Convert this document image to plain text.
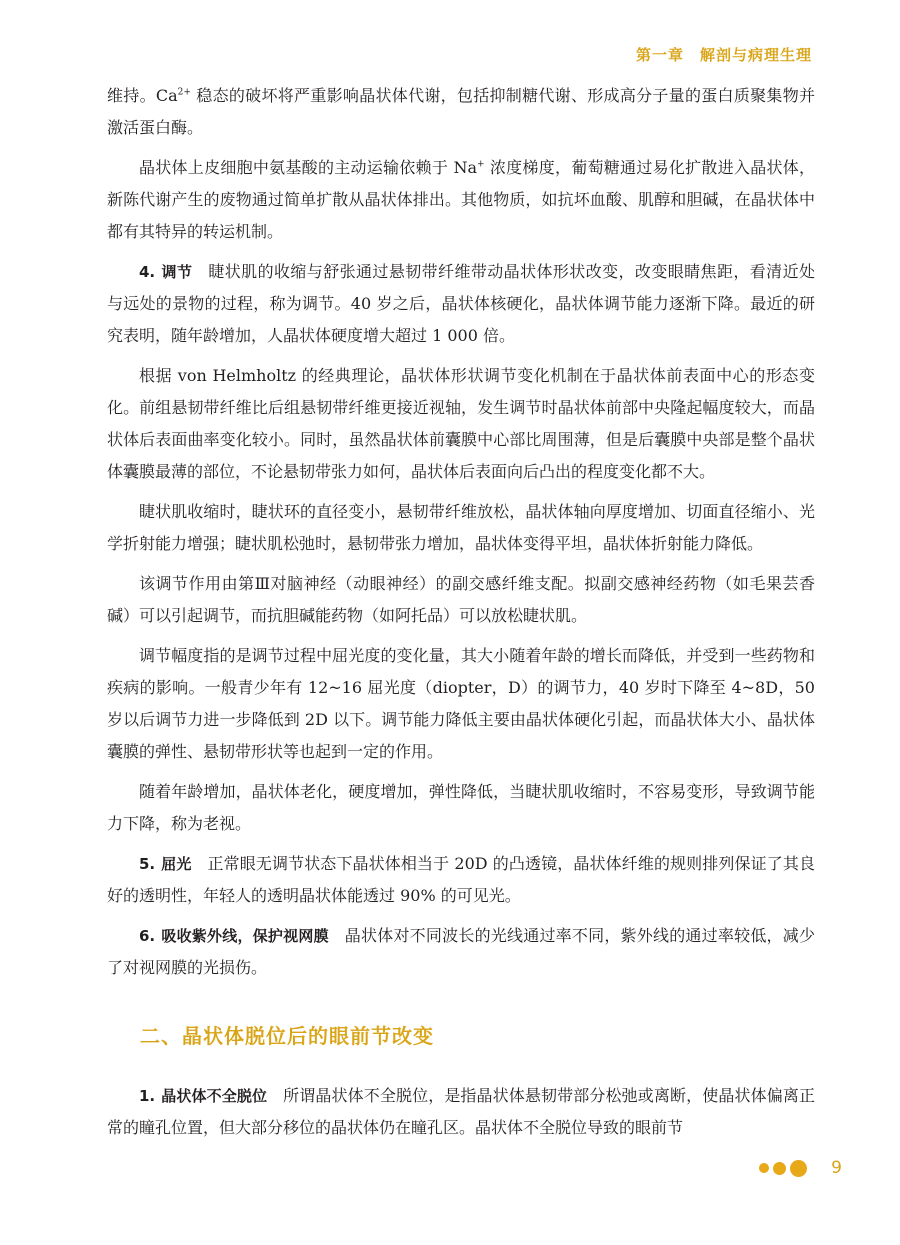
第一章　解剖与病理生理

维持。$Ca^{2+}$ 稳态的破坏将严重影响晶状体代谢，包括抑制糖代谢、形成高分子量的蛋白质聚集物并激活蛋白酶。

晶状体上皮细胞中氨基酸的主动运输依赖于 Na+ 浓度梯度，葡萄糖通过易化扩散进入晶状体，新陈代谢产生的废物通过简单扩散从晶状体排出。其他物质，如抗坏血酸、肌醇和胆碱，在晶状体中都有其特异的转运机制。

4. 调节 睫状肌的收缩与舒张通过悬韧带纤维带动晶状体形状改变，改变眼睛焦距，看清近处与远处的景物的过程，称为调节。40 岁之后，晶状体核硬化，晶状体调节能力逐渐下降。最近的研究表明，随年龄增加，人晶状体硬度增大超过 1 000 倍。

根据 von Helmholtz 的经典理论，晶状体形状调节变化机制在于晶状体前表面中心的形态变化。前组悬韧带纤维比后组悬韧带纤维更接近视轴，发生调节时晶状体前部中央隆起幅度较大，而晶状体后表面曲率变化较小。同时，虽然晶状体前囊膜中心部比周围薄，但是后囊膜中央部是整个晶状体囊膜最薄的部位，不论悬韧带张力如何，晶状体后表面向后凸出的程度变化都不大。

睫状肌收缩时，睫状环的直径变小，悬韧带纤维放松，晶状体轴向厚度增加、切面直径缩小、光学折射能力增强；睫状肌松弛时，悬韧带张力增加，晶状体变得平坦，晶状体折射能力降低。

该调节作用由第Ⅲ对脑神经（动眼神经）的副交感纤维支配。拟副交感神经药物（如毛果芸香碱）可以引起调节，而抗胆碱能药物（如阿托品）可以放松睫状肌。

调节幅度指的是调节过程中屈光度的变化量，其大小随着年龄的增长而降低，并受到一些药物和疾病的影响。一般青少年有 12~16 屈光度（diopter，D）的调节力，40 岁时下降至 4~8D，50 岁以后调节力进一步降低到 2D 以下。调节能力降低主要由晶状体硬化引起，而晶状体大小、晶状体囊膜的弹性、悬韧带形状等也起到一定的作用。

随着年龄增加，晶状体老化，硬度增加，弹性降低，当睫状肌收缩时，不容易变形，导致调节能力下降，称为老视。

5. 屈光 正常眼无调节状态下晶状体相当于 20D 的凸透镜，晶状体纤维的规则排列保证了其良好的透明性，年轻人的透明晶状体能透过 90% 的可见光。

6. 吸收紫外线，保护视网膜 晶状体对不同波长的光线通过率不同，紫外线的通过率较低，减少了对视网膜的光损伤。

二、晶状体脱位后的眼前节改变

1. 晶状体不全脱位 所谓晶状体不全脱位，是指晶状体悬韧带部分松弛或离断，使晶状体偏离正常的瞳孔位置，但大部分移位的晶状体仍在瞳孔区。晶状体不全脱位导致的眼前节

9
